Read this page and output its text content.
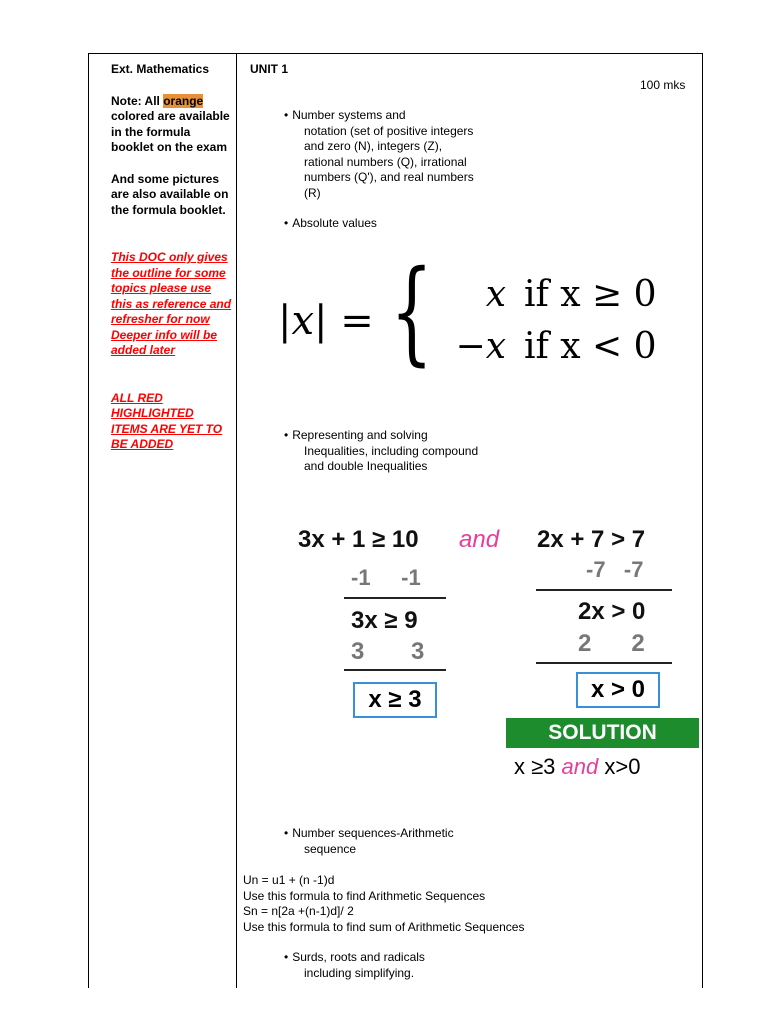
Ext. Mathematics

Note: All orange colored are available in the formula booklet on the exam

And some pictures are also available on the formula booklet.

This DOC only gives the outline for some topics please use this as reference and refresher for now Deeper info will be added later

ALL RED HIGHLIGHTED ITEMS ARE YET TO BE ADDED

UNIT 1
100 mks
• Number systems and
notation (set of positive integers and zero (N), integers (Z), rational numbers (Q), irrational numbers (Q'), and real numbers (R)
• Absolute values
|x| = {	x if x ≥ 0
−x if x < 0
• Representing and solving
Inequalities, including compound and double Inequalities
3x + 1 ≥ 10 and 2x + 7 > 7
-1     -1	-7   -7
3x ≥ 9
3       3
2x > 0
2      2
x ≥ 3	x > 0
SOLUTION
x ≥3 and x>0
• Number sequences-Arithmetic
sequence
Un = u1 + (n -1)d
Use this formula to find Arithmetic Sequences
Sn = n[2a +(n-1)d]/ 2
Use this formula to find sum of Arithmetic Sequences
• Surds, roots and radicals
including simplifying.
